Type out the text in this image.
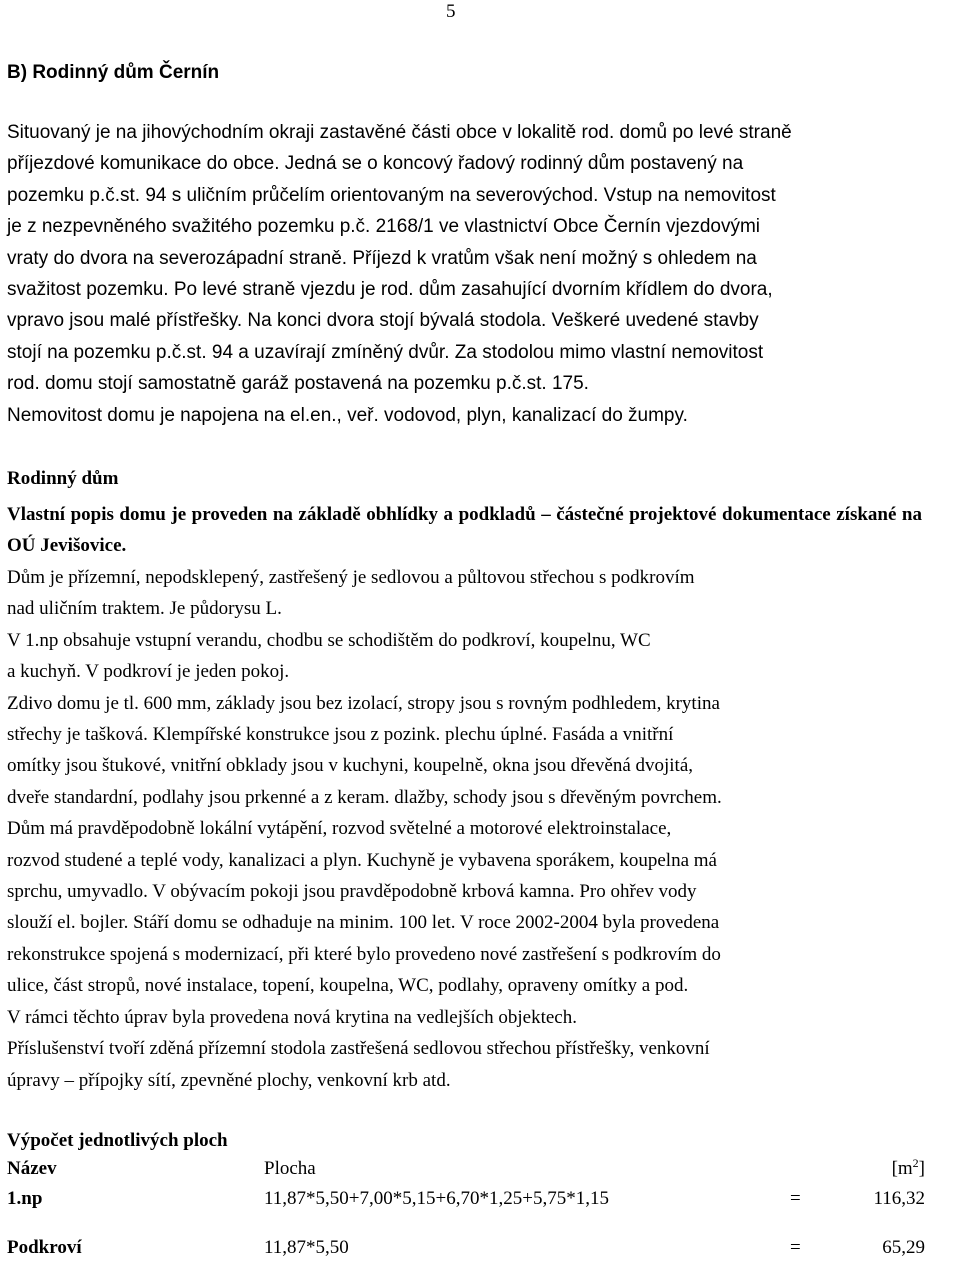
5
B) Rodinný dům Černín
Situovaný je na jihovýchodním okraji zastavěné části obce v lokalitě rod. domů po levé straně
příjezdové komunikace do obce. Jedná se o koncový řadový rodinný dům postavený na
pozemku p.č.st. 94 s uličním průčelím orientovaným na severovýchod. Vstup na nemovitost
je z nezpevněného svažitého pozemku p.č. 2168/1 ve vlastnictví Obce Černín vjezdovými
vraty do dvora na severozápadní straně. Příjezd k vratům však není možný s ohledem na
svažitost pozemku. Po levé straně vjezdu je rod. dům zasahující dvorním křídlem do dvora,
vpravo jsou malé přístřešky. Na konci dvora stojí bývalá stodola. Veškeré uvedené stavby
stojí na pozemku p.č.st. 94 a uzavírají zmíněný dvůr. Za stodolou mimo vlastní nemovitost
rod. domu stojí samostatně garáž postavená na pozemku p.č.st. 175.
Nemovitost domu je napojena na el.en., veř. vodovod, plyn, kanalizací do žumpy.
Rodinný dům

Vlastní popis domu je proveden na základě obhlídky a podkladů – částečné projektové dokumentace získané na OÚ Jevišovice.

Dům je přízemní, nepodsklepený, zastřešený je sedlovou a půltovou střechou s podkrovím
nad uličním traktem. Je půdorysu L.
V 1.np obsahuje vstupní verandu, chodbu se schodištěm do podkroví, koupelnu, WC
a kuchyň. V podkroví je jeden pokoj.
Zdivo domu je tl. 600 mm, základy jsou bez izolací, stropy jsou s rovným podhledem, krytina
střechy je tašková. Klempířské konstrukce jsou z pozink. plechu úplné. Fasáda a vnitřní
omítky jsou štukové, vnitřní obklady jsou v kuchyni, koupelně, okna jsou dřevěná dvojitá,
dveře standardní, podlahy jsou prkenné a z keram. dlažby, schody jsou s dřevěným povrchem.
Dům má pravděpodobně lokální vytápění, rozvod světelné a motorové elektroinstalace,
rozvod studené a teplé vody, kanalizaci a plyn. Kuchyně je vybavena sporákem, koupelna má
sprchu, umyvadlo. V obývacím pokoji jsou pravděpodobně krbová kamna. Pro ohřev vody
slouží el. bojler. Stáří domu se odhaduje na minim. 100 let. V roce 2002-2004 byla provedena
rekonstrukce spojená s modernizací, při které bylo provedeno nové zastřešení s podkrovím do
ulice, část stropů, nové instalace, topení, koupelna, WC, podlahy, opraveny omítky a pod.
V rámci těchto úprav byla provedena nová krytina na vedlejších objektech.
Příslušenství tvoří zděná přízemní stodola zastřešená sedlovou střechou přístřešky, venkovní
úpravy – přípojky sítí, zpevněné plochy, venkovní krb atd.
Výpočet jednotlivých ploch
Název	Plocha	$[m^2]$
1.np	11,87*5,50+7,00*5,15+6,70*1,25+5,75*1,15	=	116,32
Podkroví	11,87*5,50	=	65,29
